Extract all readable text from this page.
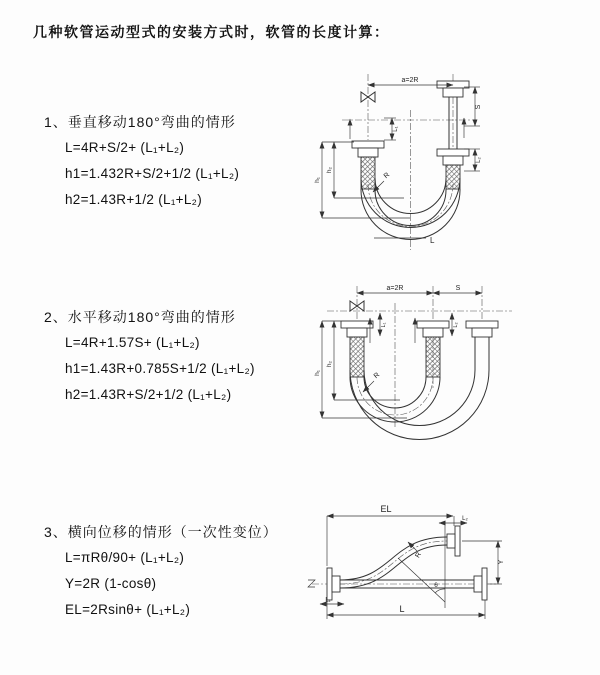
几种软管运动型式的安装方式时，软管的长度计算：
1、垂直移动180°弯曲的情形
L=4R+S/2+ (L₁+L₂)
h1=1.432R+S/2+1/2 (L₁+L₂)
h2=1.43R+1/2 (L₁+L₂)
2、水平移动180°弯曲的情形
L=4R+1.57S+ (L₁+L₂)
h1=1.43R+0.785S+1/2 (L₁+L₂)
h2=1.43R+S/2+1/2 (L₁+L₂)
3、横向位移的情形（一次性变位）
L=πRθ/90+ (L₁+L₂)
Y=2R (1-cosθ)
EL=2Rsinθ+ (L₁+L₂)
a=2R
S
L₂
L₁
h₁
h₂
R
L
a=2R	S
h₁
h₂
L₁	L₂
R
θ
EL
L₂
Y
L
L₁
R
